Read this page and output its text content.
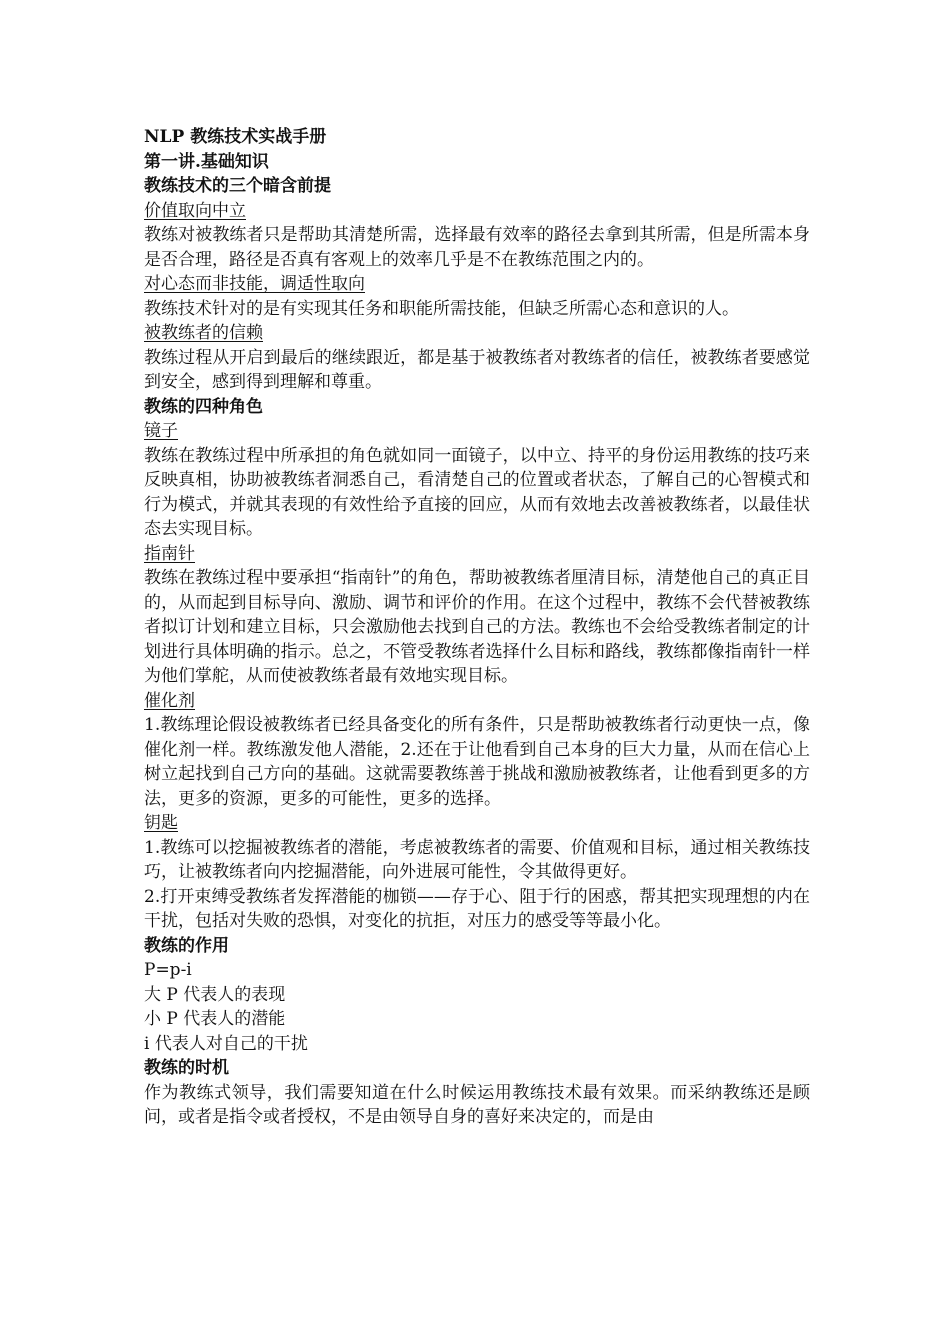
NLP 教练技术实战手册
第一讲.基础知识
教练技术的三个暗含前提
价值取向中立
教练对被教练者只是帮助其清楚所需，选择最有效率的路径去拿到其所需，但是所需本身是否合理，路径是否真有客观上的效率几乎是不在教练范围之内的。
对心态而非技能，调适性取向
教练技术针对的是有实现其任务和职能所需技能，但缺乏所需心态和意识的人。
被教练者的信赖
教练过程从开启到最后的继续跟近，都是基于被教练者对教练者的信任，被教练者要感觉到安全，感到得到理解和尊重。
教练的四种角色
镜子
教练在教练过程中所承担的角色就如同一面镜子，以中立、持平的身份运用教练的技巧来反映真相，协助被教练者洞悉自己，看清楚自己的位置或者状态，了解自己的心智模式和行为模式，并就其表现的有效性给予直接的回应，从而有效地去改善被教练者，以最佳状态去实现目标。
指南针
教练在教练过程中要承担“指南针”的角色，帮助被教练者厘清目标，清楚他自己的真正目的，从而起到目标导向、激励、调节和评价的作用。在这个过程中，教练不会代替被教练者拟订计划和建立目标，只会激励他去找到自己的方法。教练也不会给受教练者制定的计划进行具体明确的指示。总之，不管受教练者选择什么目标和路线，教练都像指南针一样为他们掌舵，从而使被教练者最有效地实现目标。
催化剂
1.教练理论假设被教练者已经具备变化的所有条件，只是帮助被教练者行动更快一点，像催化剂一样。教练激发他人潜能，2.还在于让他看到自己本身的巨大力量，从而在信心上树立起找到自己方向的基础。这就需要教练善于挑战和激励被教练者，让他看到更多的方法，更多的资源，更多的可能性，更多的选择。
钥匙
1.教练可以挖掘被教练者的潜能，考虑被教练者的需要、价值观和目标，通过相关教练技巧，让被教练者向内挖掘潜能，向外进展可能性，令其做得更好。
2.打开束缚受教练者发挥潜能的枷锁——存于心、阻于行的困惑，帮其把实现理想的内在干扰，包括对失败的恐惧，对变化的抗拒，对压力的感受等等最小化。
教练的作用
P=p-i
大 P 代表人的表现
小 P 代表人的潜能
i 代表人对自己的干扰
教练的时机
作为教练式领导，我们需要知道在什么时候运用教练技术最有效果。而采纳教练还是顾问，或者是指令或者授权，不是由领导自身的喜好来决定的，而是由
